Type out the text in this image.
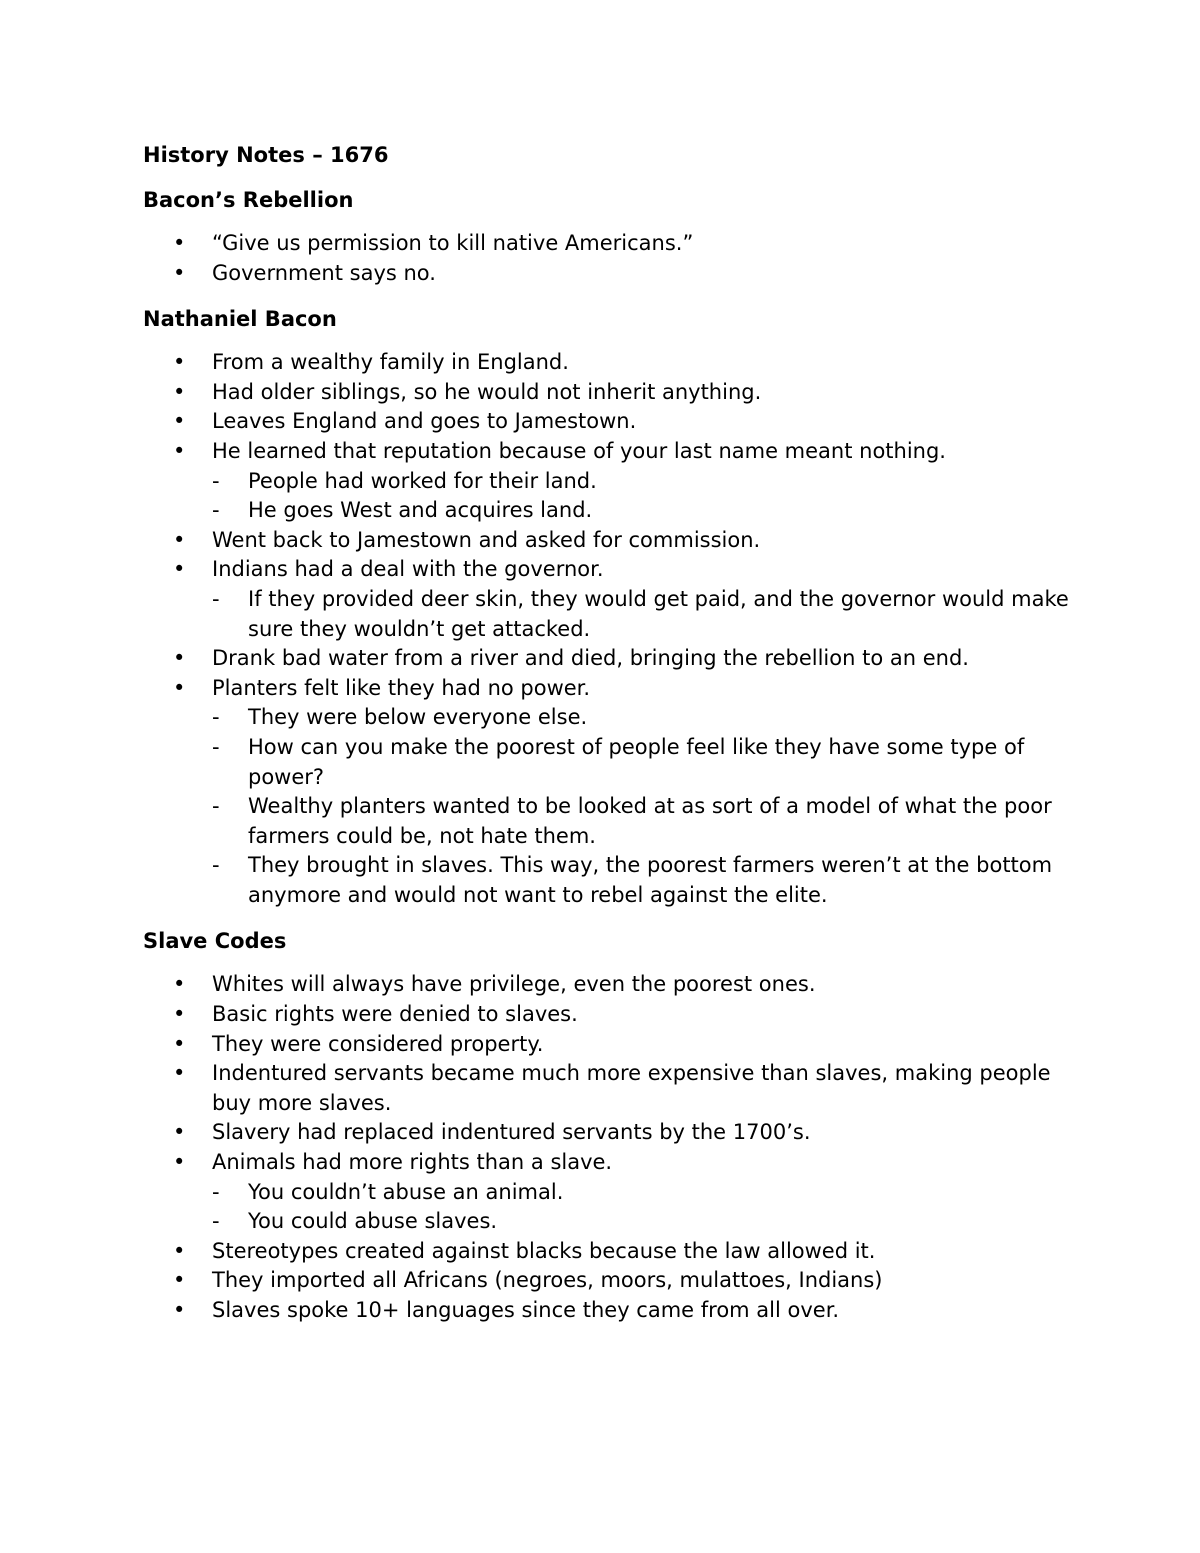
History Notes – 1676
Bacon’s Rebellion
• “Give us permission to kill native Americans.”
• Government says no.
Nathaniel Bacon
• From a wealthy family in England.
• Had older siblings, so he would not inherit anything.
• Leaves England and goes to Jamestown.
• He learned that reputation because of your last name meant nothing.
- People had worked for their land.
- He goes West and acquires land.
• Went back to Jamestown and asked for commission.
• Indians had a deal with the governor.
- If they provided deer skin, they would get paid, and the governor would make sure they wouldn’t get attacked.
• Drank bad water from a river and died, bringing the rebellion to an end.
• Planters felt like they had no power.
- They were below everyone else.
- How can you make the poorest of people feel like they have some type of power?
- Wealthy planters wanted to be looked at as sort of a model of what the poor farmers could be, not hate them.
- They brought in slaves. This way, the poorest farmers weren’t at the bottom anymore and would not want to rebel against the elite.
Slave Codes
• Whites will always have privilege, even the poorest ones.
• Basic rights were denied to slaves.
• They were considered property.
• Indentured servants became much more expensive than slaves, making people buy more slaves.
• Slavery had replaced indentured servants by the 1700’s.
• Animals had more rights than a slave.
- You couldn’t abuse an animal.
- You could abuse slaves.
• Stereotypes created against blacks because the law allowed it.
• They imported all Africans (negroes, moors, mulattoes, Indians)
• Slaves spoke 10+ languages since they came from all over.
